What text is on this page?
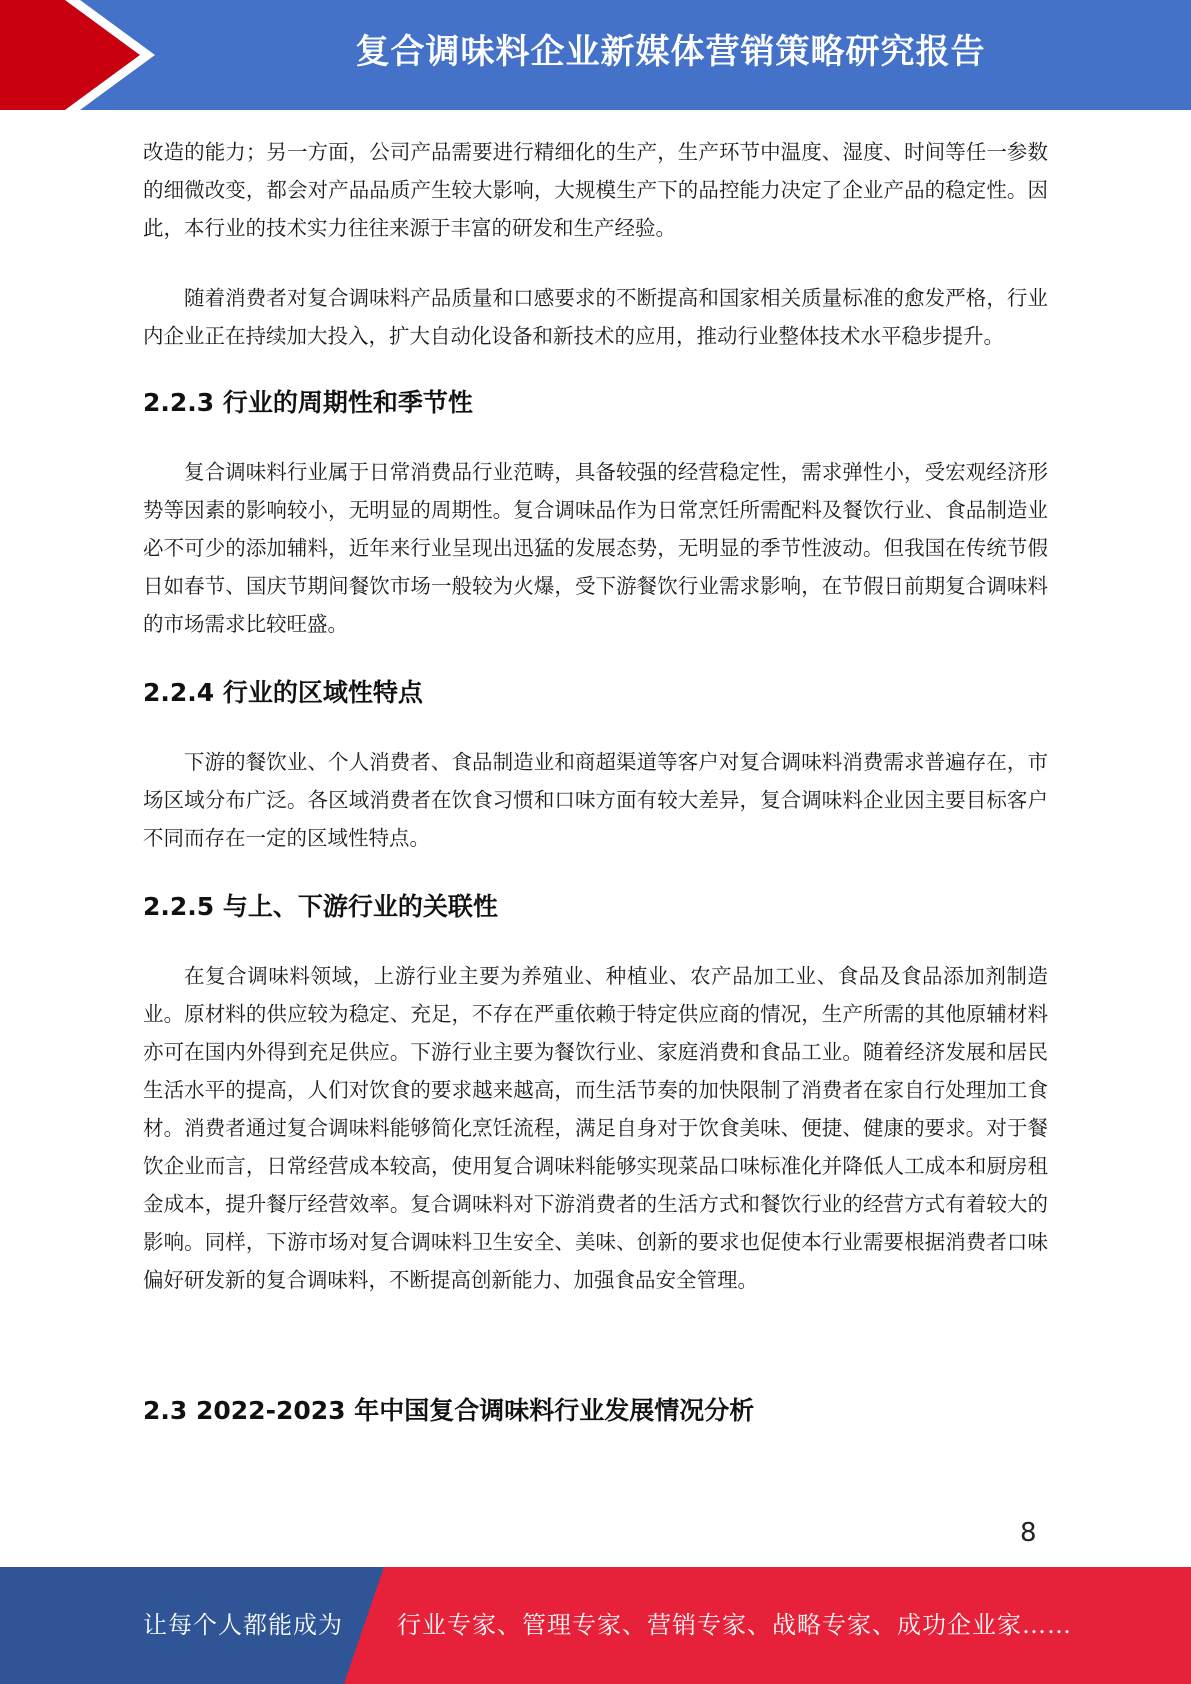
复合调味料企业新媒体营销策略研究报告

改造的能力；另一方面，公司产品需要进行精细化的生产，生产环节中温度、湿度、时间等任一参数的细微改变，都会对产品品质产生较大影响，大规模生产下的品控能力决定了企业产品的稳定性。因此，本行业的技术实力往往来源于丰富的研发和生产经验。

随着消费者对复合调味料产品质量和口感要求的不断提高和国家相关质量标准的愈发严格，行业内企业正在持续加大投入，扩大自动化设备和新技术的应用，推动行业整体技术水平稳步提升。

2.2.3 行业的周期性和季节性

复合调味料行业属于日常消费品行业范畴，具备较强的经营稳定性，需求弹性小，受宏观经济形势等因素的影响较小，无明显的周期性。复合调味品作为日常烹饪所需配料及餐饮行业、食品制造业必不可少的添加辅料，近年来行业呈现出迅猛的发展态势，无明显的季节性波动。但我国在传统节假日如春节、国庆节期间餐饮市场一般较为火爆，受下游餐饮行业需求影响，在节假日前期复合调味料的市场需求比较旺盛。

2.2.4 行业的区域性特点

下游的餐饮业、个人消费者、食品制造业和商超渠道等客户对复合调味料消费需求普遍存在，市场区域分布广泛。各区域消费者在饮食习惯和口味方面有较大差异，复合调味料企业因主要目标客户不同而存在一定的区域性特点。

2.2.5 与上、下游行业的关联性

在复合调味料领域，上游行业主要为养殖业、种植业、农产品加工业、食品及食品添加剂制造业。原材料的供应较为稳定、充足，不存在严重依赖于特定供应商的情况，生产所需的其他原辅材料亦可在国内外得到充足供应。下游行业主要为餐饮行业、家庭消费和食品工业。随着经济发展和居民生活水平的提高，人们对饮食的要求越来越高，而生活节奏的加快限制了消费者在家自行处理加工食材。消费者通过复合调味料能够简化烹饪流程，满足自身对于饮食美味、便捷、健康的要求。对于餐饮企业而言，日常经营成本较高，使用复合调味料能够实现菜品口味标准化并降低人工成本和厨房租金成本，提升餐厅经营效率。复合调味料对下游消费者的生活方式和餐饮行业的经营方式有着较大的影响。同样，下游市场对复合调味料卫生安全、美味、创新的要求也促使本行业需要根据消费者口味偏好研发新的复合调味料，不断提高创新能力、加强食品安全管理。

2.3 2022-2023 年中国复合调味料行业发展情况分析
8
让每个人都能成为 行业专家、管理专家、营销专家、战略专家、成功企业家……
